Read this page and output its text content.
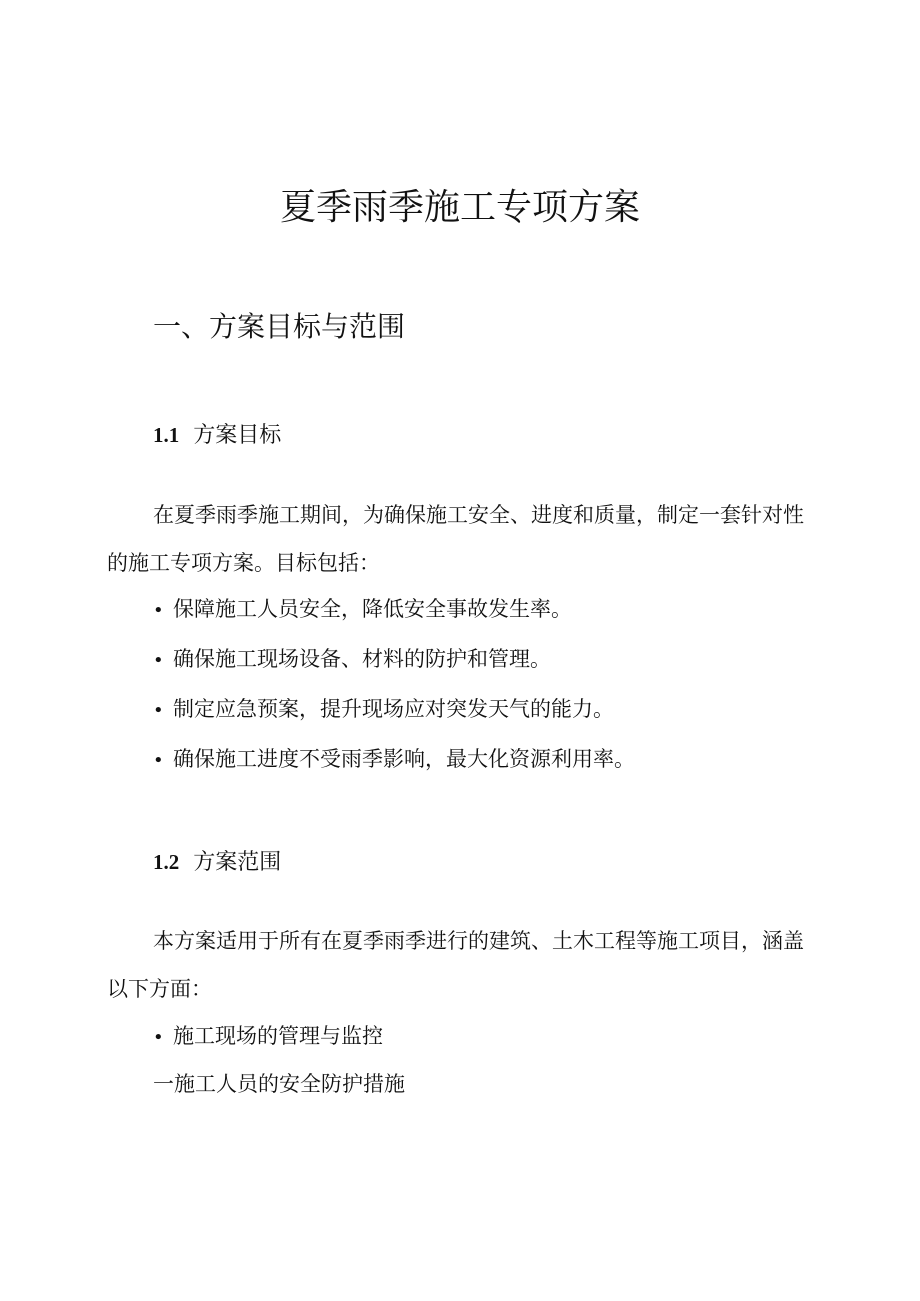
夏季雨季施工专项方案
一、方案目标与范围
1.1 方案目标

在夏季雨季施工期间，为确保施工安全、进度和质量，制定一套针对性的施工专项方案。目标包括：

• 保障施工人员安全，降低安全事故发生率。
• 确保施工现场设备、材料的防护和管理。
• 制定应急预案，提升现场应对突发天气的能力。
• 确保施工进度不受雨季影响，最大化资源利用率。
1.2 方案范围

本方案适用于所有在夏季雨季进行的建筑、土木工程等施工项目，涵盖以下方面：

• 施工现场的管理与监控

一施工人员的安全防护措施
